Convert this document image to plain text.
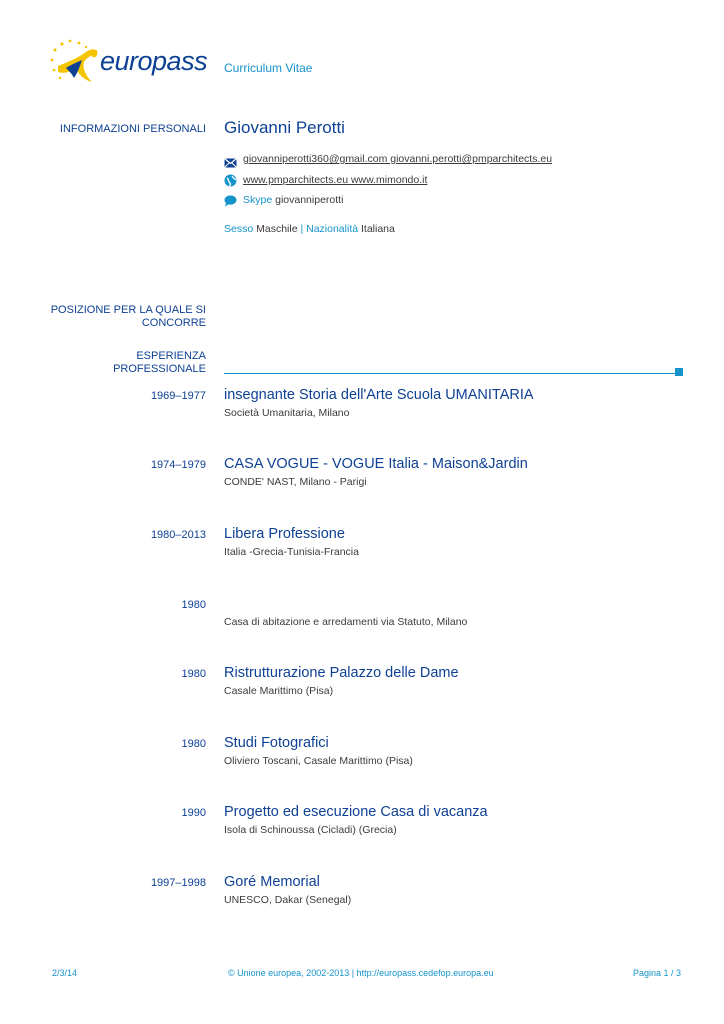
europass Curriculum Vitae
INFORMAZIONI PERSONALI Giovanni Perotti
giovanniperotti360@gmail.com giovanni.perotti@pmparchitects.eu
www.pmparchitects.eu www.mimondo.it
Skype giovanniperotti
Sesso Maschile | Nazionalità Italiana
POSIZIONE PER LA QUALE SI
CONCORRE
ESPERIENZA
PROFESSIONALE
1969–1977 insegnante Storia dell'Arte Scuola UMANITARIA
Società Umanitaria, Milano
1974–1979 CASA VOGUE - VOGUE Italia - Maison&Jardin
CONDE' NAST, Milano - Parigi
1980–2013 Libera Professione
Italia -Grecia-Tunisia-Francia
1980
Casa di abitazione e arredamenti via Statuto, Milano
1980 Ristrutturazione Palazzo delle Dame
Casale Marittimo (Pisa)
1980 Studi Fotografici
Oliviero Toscani, Casale Marittimo (Pisa)
1990 Progetto ed esecuzione Casa di vacanza
Isola di Schinoussa (Cicladi) (Grecia)
1997–1998 Goré Memorial
UNESCO, Dakar (Senegal)
2/3/14	© Unione europea, 2002-2013 | http://europass.cedefop.europa.eu	Pagina 1 / 3
